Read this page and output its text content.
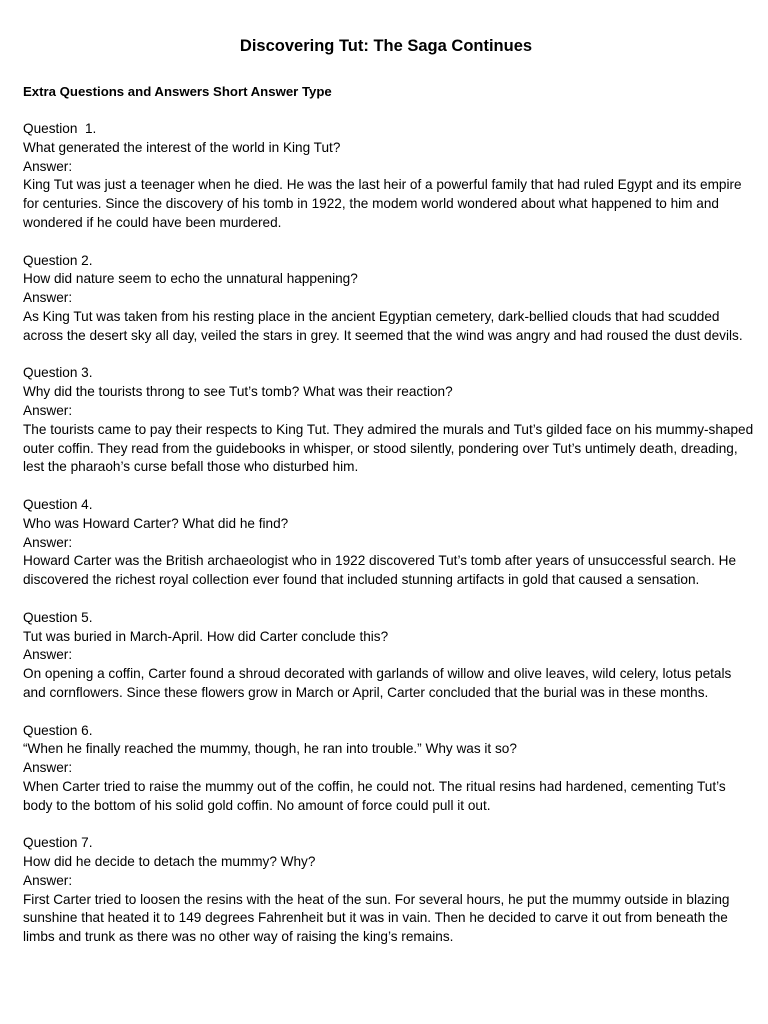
Discovering Tut: The Saga Continues
Extra Questions and Answers Short Answer Type
Question  1.
What generated the interest of the world in King Tut?
Answer:
King Tut was just a teenager when he died. He was the last heir of a powerful family that had ruled Egypt and its empire for centuries. Since the discovery of his tomb in 1922, the modem world wondered about what happened to him and wondered if he could have been murdered.
Question 2.
How did nature seem to echo the unnatural happening?
Answer:
As King Tut was taken from his resting place in the ancient Egyptian cemetery, dark-bellied clouds that had scudded across the desert sky all day, veiled the stars in grey. It seemed that the wind was angry and had roused the dust devils.
Question 3.
Why did the tourists throng to see Tut’s tomb? What was their reaction?
Answer:
The tourists came to pay their respects to King Tut. They admired the murals and Tut’s gilded face on his mummy-shaped outer coffin. They read from the guidebooks in whisper, or stood silently, pondering over Tut’s untimely death, dreading, lest the pharaoh’s curse befall those who disturbed him.
Question 4.
Who was Howard Carter? What did he find?
Answer:
Howard Carter was the British archaeologist who in 1922 discovered Tut’s tomb after years of unsuccessful search. He discovered the richest royal collection ever found that included stunning artifacts in gold that caused a sensation.
Question 5.
Tut was buried in March-April. How did Carter conclude this?
Answer:
On opening a coffin, Carter found a shroud decorated with garlands of willow and olive leaves, wild celery, lotus petals and cornflowers. Since these flowers grow in March or April, Carter concluded that the burial was in these months.
Question 6.
“When he finally reached the mummy, though, he ran into trouble.” Why was it so?
Answer:
When Carter tried to raise the mummy out of the coffin, he could not. The ritual resins had hardened, cementing Tut’s body to the bottom of his solid gold coffin. No amount of force could pull it out.
Question 7.
How did he decide to detach the mummy? Why?
Answer:
First Carter tried to loosen the resins with the heat of the sun. For several hours, he put the mummy outside in blazing sunshine that heated it to 149 degrees Fahrenheit but it was in vain. Then he decided to carve it out from beneath the limbs and trunk as there was no other way of raising the king’s remains.
